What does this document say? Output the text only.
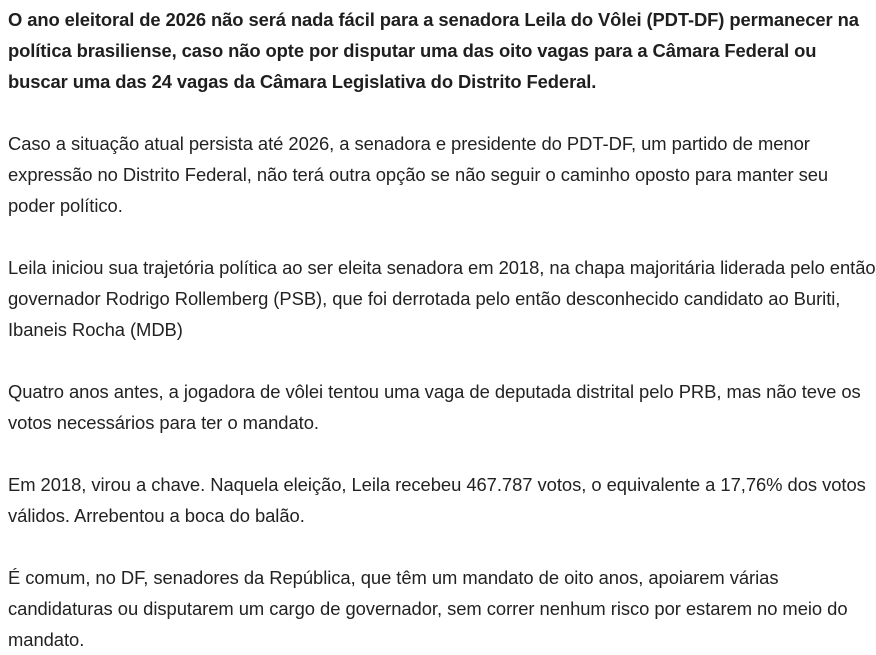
O ano eleitoral de 2026 não será nada fácil para a senadora Leila do Vôlei (PDT-DF) permanecer na política brasiliense, caso não opte por disputar uma das oito vagas para a Câmara Federal ou buscar uma das 24 vagas da Câmara Legislativa do Distrito Federal.

Caso a situação atual persista até 2026, a senadora e presidente do PDT-DF, um partido de menor expressão no Distrito Federal, não terá outra opção se não seguir o caminho oposto para manter seu poder político.

Leila iniciou sua trajetória política ao ser eleita senadora em 2018, na chapa majoritária liderada pelo então governador Rodrigo Rollemberg (PSB), que foi derrotada pelo então desconhecido candidato ao Buriti, Ibaneis Rocha (MDB)

Quatro anos antes, a jogadora de vôlei tentou uma vaga de deputada distrital pelo PRB, mas não teve os votos necessários para ter o mandato.

Em 2018, virou a chave. Naquela eleição, Leila recebeu 467.787 votos, o equivalente a 17,76% dos votos válidos. Arrebentou a boca do balão.

É comum, no DF, senadores da República, que têm um mandato de oito anos, apoiarem várias candidaturas ou disputarem um cargo de governador, sem correr nenhum risco por estarem no meio do mandato.
